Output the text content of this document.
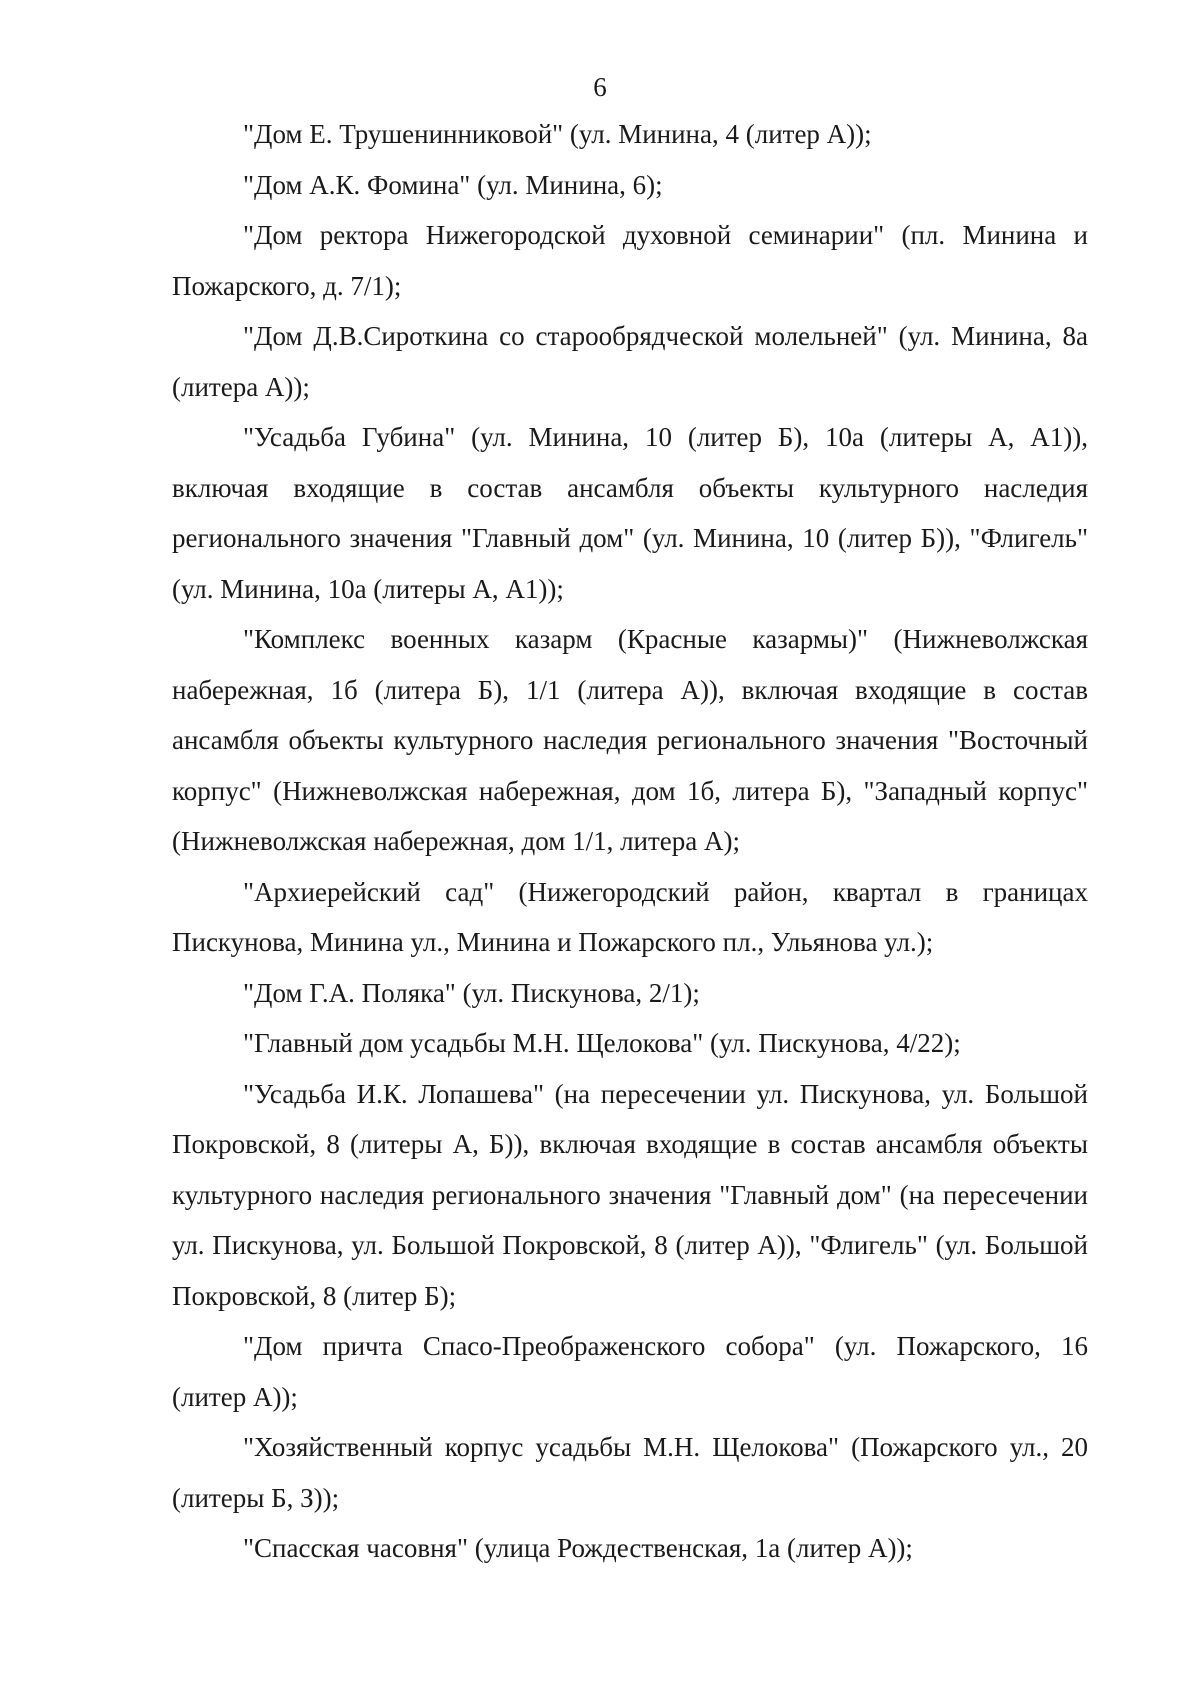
6

"Дом Е. Трушенинниковой" (ул. Минина, 4 (литер А));

"Дом А.К. Фомина" (ул. Минина, 6);

"Дом ректора Нижегородской духовной семинарии" (пл. Минина и Пожарского, д. 7/1);

"Дом Д.В.Сироткина со старообрядческой молельней" (ул. Минина, 8а (литера А));

"Усадьба Губина" (ул. Минина, 10 (литер Б), 10а (литеры А, А1)), включая входящие в состав ансамбля объекты культурного наследия регионального значения "Главный дом" (ул. Минина, 10 (литер Б)), "Флигель" (ул. Минина, 10а (литеры А, А1));

"Комплекс военных казарм (Красные казармы)" (Нижневолжская набережная, 1б (литера Б), 1/1 (литера А)), включая входящие в состав ансамбля объекты культурного наследия регионального значения "Восточный корпус" (Нижневолжская набережная, дом 1б, литера Б), "Западный корпус" (Нижневолжская набережная, дом 1/1, литера А);

"Архиерейский сад" (Нижегородский район, квартал в границах Пискунова, Минина ул., Минина и Пожарского пл., Ульянова ул.);

"Дом Г.А. Поляка" (ул. Пискунова, 2/1);

"Главный дом усадьбы М.Н. Щелокова" (ул. Пискунова, 4/22);

"Усадьба И.К. Лопашева" (на пересечении ул. Пискунова, ул. Большой Покровской, 8 (литеры А, Б)), включая входящие в состав ансамбля объекты культурного наследия регионального значения "Главный дом" (на пересечении ул. Пискунова, ул. Большой Покровской, 8 (литер А)), "Флигель" (ул. Большой Покровской, 8 (литер Б);

"Дом причта Спасо-Преображенского собора" (ул. Пожарского, 16 (литер А));

"Хозяйственный корпус усадьбы М.Н. Щелокова" (Пожарского ул., 20 (литеры Б, З));

"Спасская часовня" (улица Рождественская, 1а (литер А));
